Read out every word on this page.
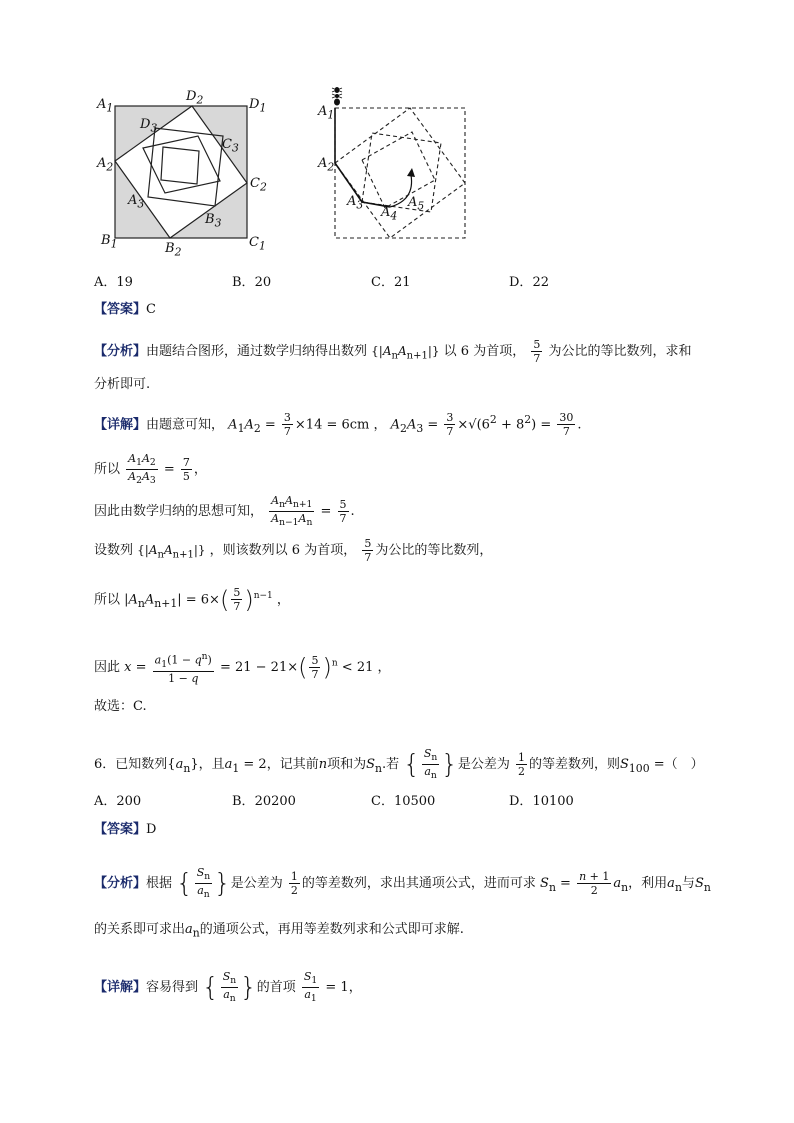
$A_1$
$D_2$	$D_1$
$D_3$
$C_3$
$A_2$
$C_2$
$A_3$
$B_3$
$B_1$	$B_2$
$C_1$
$A_1$
$A_2$
$A_3$ $A_4$
$A_5$
A．19	B．20	C．21	D．22
【答案】C
【分析】由题结合图形，通过数学归纳得出数列 $\{|A_nA_{n+1}|\}$ 以 6 为首项， $\frac{5}{7}$ 为公比的等比数列，求和
分析即可.
【详解】由题意可知， $A_1A_2 = \frac{3}{7} \times 14 = 6cm$ ， $A_2A_3 = \frac{3}{7} \times√(6^2 + 8^2) = \frac{30}{7}$ .
所以 $\frac{A_1A_2}{A_2A_3} = \frac{7}{5}$ ，
因此由数学归纳的思想可知， $\frac{A_nA_{n+1}}{A_{n-1}A_n} = \frac{5}{7}$ .
设数列 $\{|A_nA_{n+1}|\}$ ，则该数列以 6 为首项， $\frac{5}{7}$ 为公比的等比数列，
所以 $|A_nA_{n+1}| = 6\times( \frac{5}{7} )^{n-1}$ ，
因此 $x = \frac{a_1(1 - q^n)}{1 - q} = 21 - 21\times( \frac{5}{7} )^n < 21$ ，
故选：C.
6．已知数列$\{a_n\}$，且$a_1 = 2$，记其前n项和为$S_n$.若 { $\frac{S_n}{a_n}$ }是公差为 $\frac{1}{2}$ 的等差数列，则$S_{100}$ =（　）
A．200	B．20200	C．10500	D．10100
【答案】D
【分析】根据 { $\frac{S_n}{a_n}$ }是公差为 $\frac{1}{2}$ 的等差数列，求出其通项公式，进而可求 $S_n = \frac{n + 1}{2} a_n$，利用$a_n$与$S_n$
的关系即可求出$a_n$的通项公式，再用等差数列求和公式即可求解.
【详解】容易得到 { $\frac{S_n}{a_n}$ }的首项 $\frac{S_1}{a_1} = 1$，
